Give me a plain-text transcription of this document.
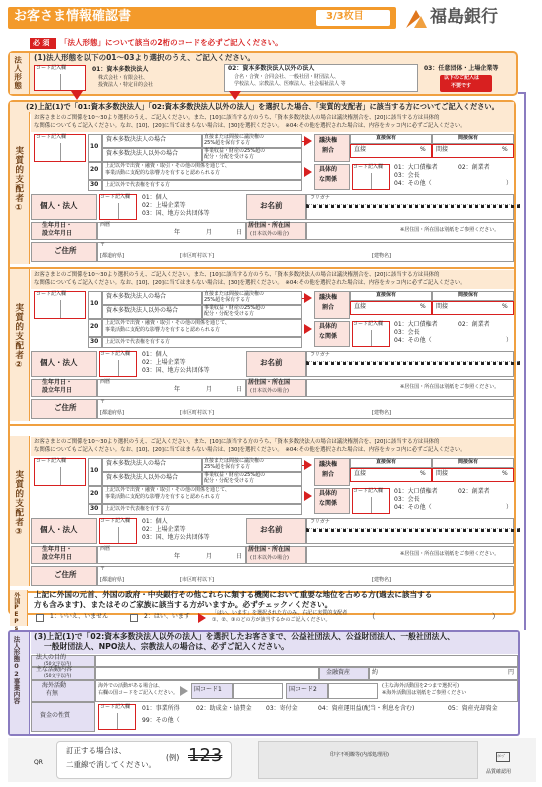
お客さま情報確認書	3/3枚目	福島銀行
必 須 「法人形態」について該当の2桁のコードを必ずご記入ください。
法人形態 (1)法人形態を以下の01～03より選択のうえ、ご記入ください。
コード記入欄	01：資本多数決法人
株式会社・有限会社、
投資法人・特定目的会社
02：資本多数決法人以外の法人
合名・合資・合同会社、一般社団・財団法人、
学校法人、宗教法人、医療法人、社会福祉法人 等
03：任意団体・上場企業等
以下のご記入は
不要です
(2)上記(1)で「01:資本多数決法人」「02:資本多数決法人以外の法人」を選択した場合、「実質的支配者」に該当する方についてご記入ください。
実質的支配者①
お客さまとのご関係を10～30より選択のうえ、ご記入ください。また、[10]に該当する方のうち、「資本多数決法人の場合は議決権割合を、[20]に該当する方は具体的
な関係についてもご記入ください。なお、[10]、[20]に当てはまらない場合は、[30]を選択ください。　※04:その他を選択された場合は、内容をカッコ内に必ずご記入ください。
コード記入欄
10
資本多数決法人の場合
資本多数決法人以外の場合
直接または間接に議決権の
25%超を保有する方
事業収益・財産の25%超の
配分・分配を受ける方
20 上記以外で出資・融資・取引・その他の関係を通じて、
事業活動に支配的な影響力を有すると認められる方
30 上記以外で代表権を有する方
議決権
割合
直接保有	間接保有
直接	% 間接	%
具体的
な関係
コード記入欄 01：大口債権者	02：創業者
03：会長
04：その他（	）
個人・法人
コード記入欄 01：個人
02：上場企業等
03：国、地方公共団体等
お名前
フリガナ
生年月日・
設立年月日
西暦
年	月	日
居住国・所在国
(日本以外の場合)
※居住国・所在国は別紙をご参照ください。
ご住所
〒
[都道府県]	[市区町村以下]	[建物名]
実質的支配者②
お客さまとのご関係を10～30より選択のうえ、ご記入ください。また、[10]に該当する方のうち、「資本多数決法人の場合は議決権割合を、[20]に該当する方は具体的
な関係についてもご記入ください。なお、[10]、[20]に当てはまらない場合は、[30]を選択ください。　※04:その他を選択された場合は、内容をカッコ内に必ずご記入ください。
コード記入欄
10
資本多数決法人の場合
資本多数決法人以外の場合
直接または間接に議決権の
25%超を保有する方
事業収益・財産の25%超の
配分・分配を受ける方
20 上記以外で出資・融資・取引・その他の関係を通じて、
事業活動に支配的な影響力を有すると認められる方
30 上記以外で代表権を有する方
議決権
割合
直接保有	間接保有
直接	% 間接	%
具体的
な関係
コード記入欄 01：大口債権者	02：創業者
03：会長
04：その他（	）
個人・法人
コード記入欄 01：個人
02：上場企業等
03：国、地方公共団体等
お名前
フリガナ
生年月日・
設立年月日
西暦
年	月	日
居住国・所在国
(日本以外の場合)
※居住国・所在国は別紙をご参照ください。
ご住所
〒
[都道府県]	[市区町村以下]	[建物名]
実質的支配者③
お客さまとのご関係を10～30より選択のうえ、ご記入ください。また、[10]に該当する方のうち、「資本多数決法人の場合は議決権割合を、[20]に該当する方は具体的
な関係についてもご記入ください。なお、[10]、[20]に当てはまらない場合は、[30]を選択ください。　※04:その他を選択された場合は、内容をカッコ内に必ずご記入ください。
コード記入欄
10
資本多数決法人の場合
資本多数決法人以外の場合
直接または間接に議決権の
25%超を保有する方
事業収益・財産の25%超の
配分・分配を受ける方
20 上記以外で出資・融資・取引・その他の関係を通じて、
事業活動に支配的な影響力を有すると認められる方
30 上記以外で代表権を有する方
議決権
割合
直接保有	間接保有
直接	% 間接	%
具体的
な関係
コード記入欄 01：大口債権者	02：創業者
03：会長
04：その他（	）
個人・法人
コード記入欄 01：個人
02：上場企業等
03：国、地方公共団体等
お名前
フリガナ
生年月日・
設立年月日
西暦
年	月	日
居住国・所在国
(日本以外の場合)
※居住国・所在国は別紙をご参照ください。
ご住所
〒
[都道府県]	[市区町村以下]	[建物名]
外国PEPs 上記に外国の元首、外国の政府・中央銀行その他これらに類する機関において重要な地位を占める方(過去に該当する
方も含みます)、またはそのご家族に該当する方がいますか。必ずチェック✓ください。
1：いいえ、いません	2：はい、います	「はい、います」を選択された方のみ、右記に実質的支配者
①、②、③のどの方が該当するかのご記入ください。	（	）
法人形態02事業内容 (3)上記(1)で「02:資本多数決法人以外の法人」を選択したお客さまで、公益社団法人、公益財団法人、一般社団法人、
一般財団法人、NPO法人、宗教法人の場合は、必ずご記入ください。
法人の目的
(50文字以内)
主な活動内容
(50文字以内)
金融資産	約	円
海外活動
有無
海外での活動がある場合は、
右欄の国コードをご記入ください。	国コード1	国コード2	(主な海外活動国を2つまで選択可)
※海外活動国は別紙をご参照ください
資金の性質
コード記入欄 01：事業所得	02：助成金・協賛金 03：寄付金	04：資産運用益(配当・利息を含む)	05：資産売却資金
99：その他（
QR
訂正する場合は、
二重線で消してください。
(例) 123	印字不明瞭等(内部処理用)	ｲﾒｰｼﾞ
品質確認用
